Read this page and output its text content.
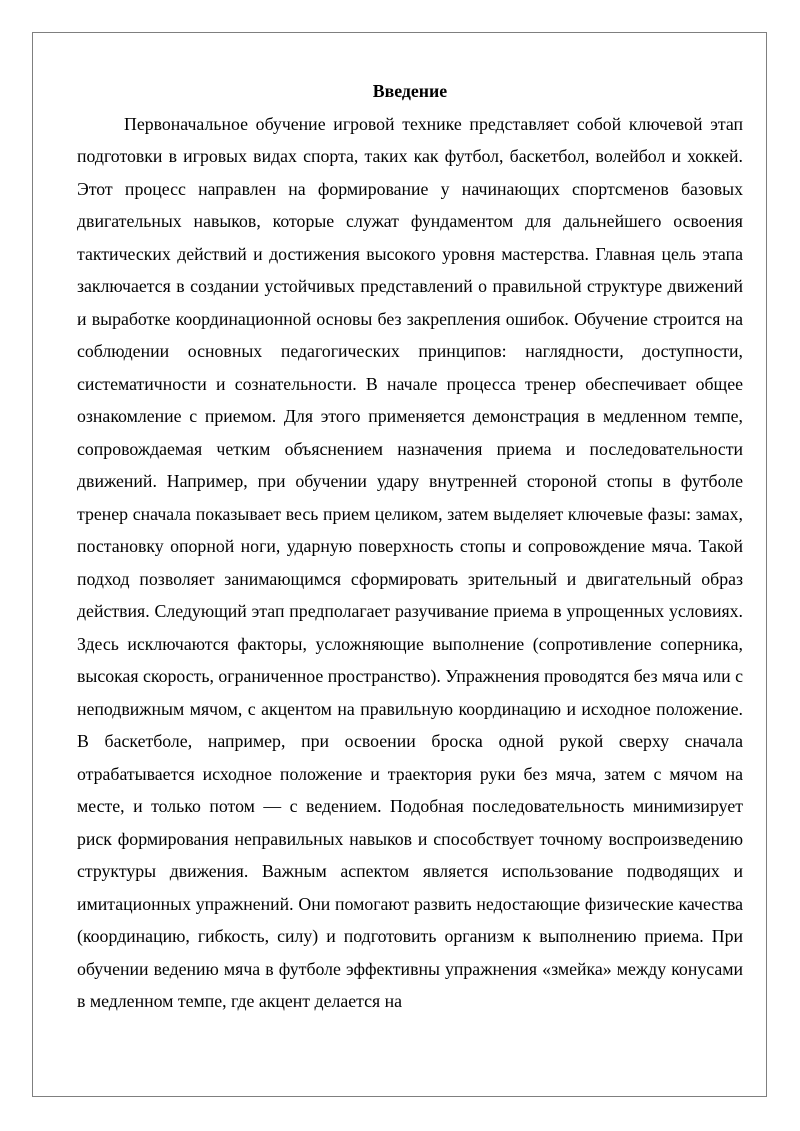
Введение

Первоначальное обучение игровой технике представляет собой ключевой этап подготовки в игровых видах спорта, таких как футбол, баскетбол, волейбол и хоккей. Этот процесс направлен на формирование у начинающих спортсменов базовых двигательных навыков, которые служат фундаментом для дальнейшего освоения тактических действий и достижения высокого уровня мастерства. Главная цель этапа заключается в создании устойчивых представлений о правильной структуре движений и выработке координационной основы без закрепления ошибок. Обучение строится на соблюдении основных педагогических принципов: наглядности, доступности, систематичности и сознательности. В начале процесса тренер обеспечивает общее ознакомление с приемом. Для этого применяется демонстрация в медленном темпе, сопровождаемая четким объяснением назначения приема и последовательности движений. Например, при обучении удару внутренней стороной стопы в футболе тренер сначала показывает весь прием целиком, затем выделяет ключевые фазы: замах, постановку опорной ноги, ударную поверхность стопы и сопровождение мяча. Такой подход позволяет занимающимся сформировать зрительный и двигательный образ действия. Следующий этап предполагает разучивание приема в упрощенных условиях. Здесь исключаются факторы, усложняющие выполнение (сопротивление соперника, высокая скорость, ограниченное пространство). Упражнения проводятся без мяча или с неподвижным мячом, с акцентом на правильную координацию и исходное положение. В баскетболе, например, при освоении броска одной рукой сверху сначала отрабатывается исходное положение и траектория руки без мяча, затем с мячом на месте, и только потом — с ведением. Подобная последовательность минимизирует риск формирования неправильных навыков и способствует точному воспроизведению структуры движения. Важным аспектом является использование подводящих и имитационных упражнений. Они помогают развить недостающие физические качества (координацию, гибкость, силу) и подготовить организм к выполнению приема. При обучении ведению мяча в футболе эффективны упражнения «змейка» между конусами в медленном темпе, где акцент делается на
